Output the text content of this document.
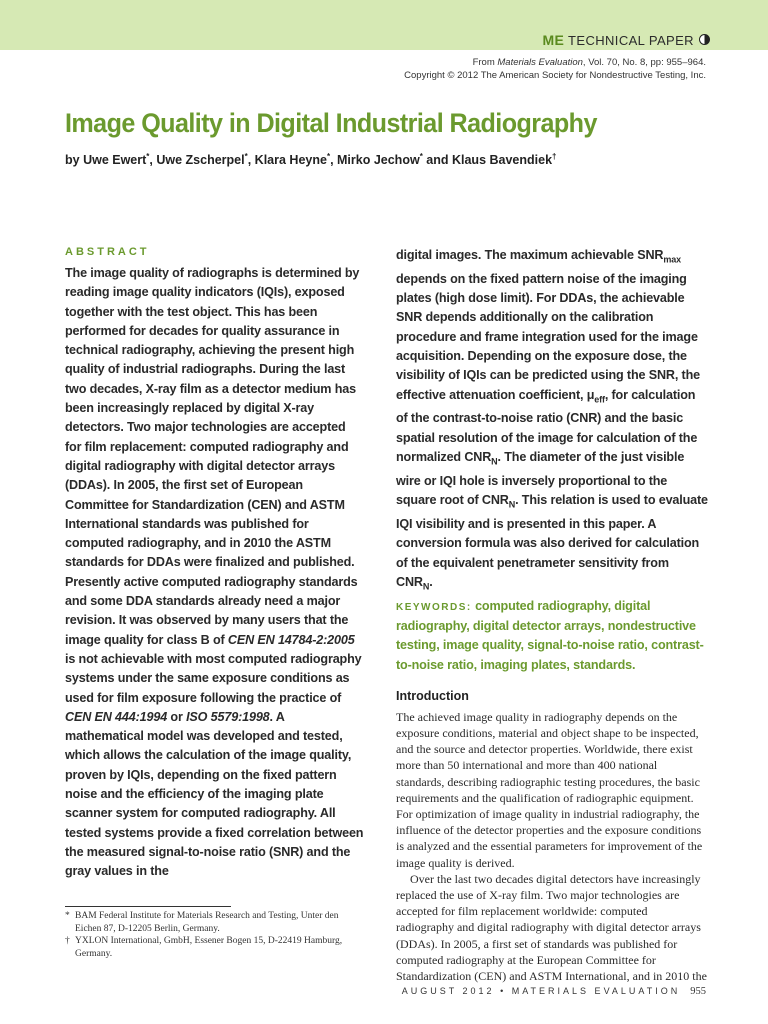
ME TECHNICAL PAPER
From Materials Evaluation, Vol. 70, No. 8, pp: 955–964.
Copyright © 2012 The American Society for Nondestructive Testing, Inc.
Image Quality in Digital Industrial Radiography
by Uwe Ewert*, Uwe Zscherpel*, Klara Heyne*, Mirko Jechow* and Klaus Bavendiek†
ABSTRACT

The image quality of radiographs is determined by reading image quality indicators (IQIs), exposed together with the test object. This has been performed for decades for quality assurance in technical radiography, achieving the present high quality of industrial radiographs. During the last two decades, X-ray film as a detector medium has been increasingly replaced by digital X-ray detectors. Two major technologies are accepted for film replacement: computed radiography and digital radiography with digital detector arrays (DDAs). In 2005, the first set of European Committee for Standardization (CEN) and ASTM International standards was published for computed radiography, and in 2010 the ASTM standards for DDAs were finalized and published. Presently active computed radiography standards and some DDA standards already need a major revision. It was observed by many users that the image quality for class B of CEN EN 14784-2:2005 is not achievable with most computed radiography systems under the same exposure conditions as used for film exposure following the practice of CEN EN 444:1994 or ISO 5579:1998. A mathematical model was developed and tested, which allows the calculation of the image quality, proven by IQIs, depending on the fixed pattern noise and the efficiency of the imaging plate scanner system for computed radiography. All tested systems provide a fixed correlation between the measured signal-to-noise ratio (SNR) and the gray values in the

digital images. The maximum achievable $SNR_{max}$ depends on the fixed pattern noise of the imaging plates (high dose limit). For DDAs, the achievable SNR depends additionally on the calibration procedure and frame integration used for the image acquisition. Depending on the exposure dose, the visibility of IQIs can be predicted using the SNR, the effective attenuation coefficient, $\mu_{eff}$, for calculation of the contrast-to-noise ratio (CNR) and the basic spatial resolution of the image for calculation of the normalized $CNR_N$. The diameter of the just visible wire or IQI hole is inversely proportional to the square root of $CNR_N$. This relation is used to evaluate IQI visibility and is presented in this paper. A conversion formula was also derived for calculation of the equivalent penetrameter sensitivity from $CNR_N$.

KEYWORDS: computed radiography, digital radiography, digital detector arrays, nondestructive testing, image quality, signal-to-noise ratio, contrast-to-noise ratio, imaging plates, standards.

Introduction

The achieved image quality in radiography depends on the exposure conditions, material and object shape to be inspected, and the source and detector properties. Worldwide, there exist more than 50 international and more than 400 national standards, describing radiographic testing procedures, the basic requirements and the qualification of radiographic equipment. For optimization of image quality in industrial radiography, the influence of the detector properties and the exposure conditions is analyzed and the essential parameters for improvement of the image quality is derived.

Over the last two decades digital detectors have increasingly replaced the use of X-ray film. Two major technologies are accepted for film replacement worldwide: computed radiography and digital radiography with digital detector arrays (DDAs). In 2005, a first set of standards was published for computed radiography at the European Committee for Standardization (CEN) and ASTM International, and in 2010 the

* BAM Federal Institute for Materials Research and Testing, Unter den Eichen 87, D-12205 Berlin, Germany.
† YXLON International, GmbH, Essener Bogen 15, D-22419 Hamburg, Germany.
AUGUST 2012 • MATERIALS EVALUATION 955
